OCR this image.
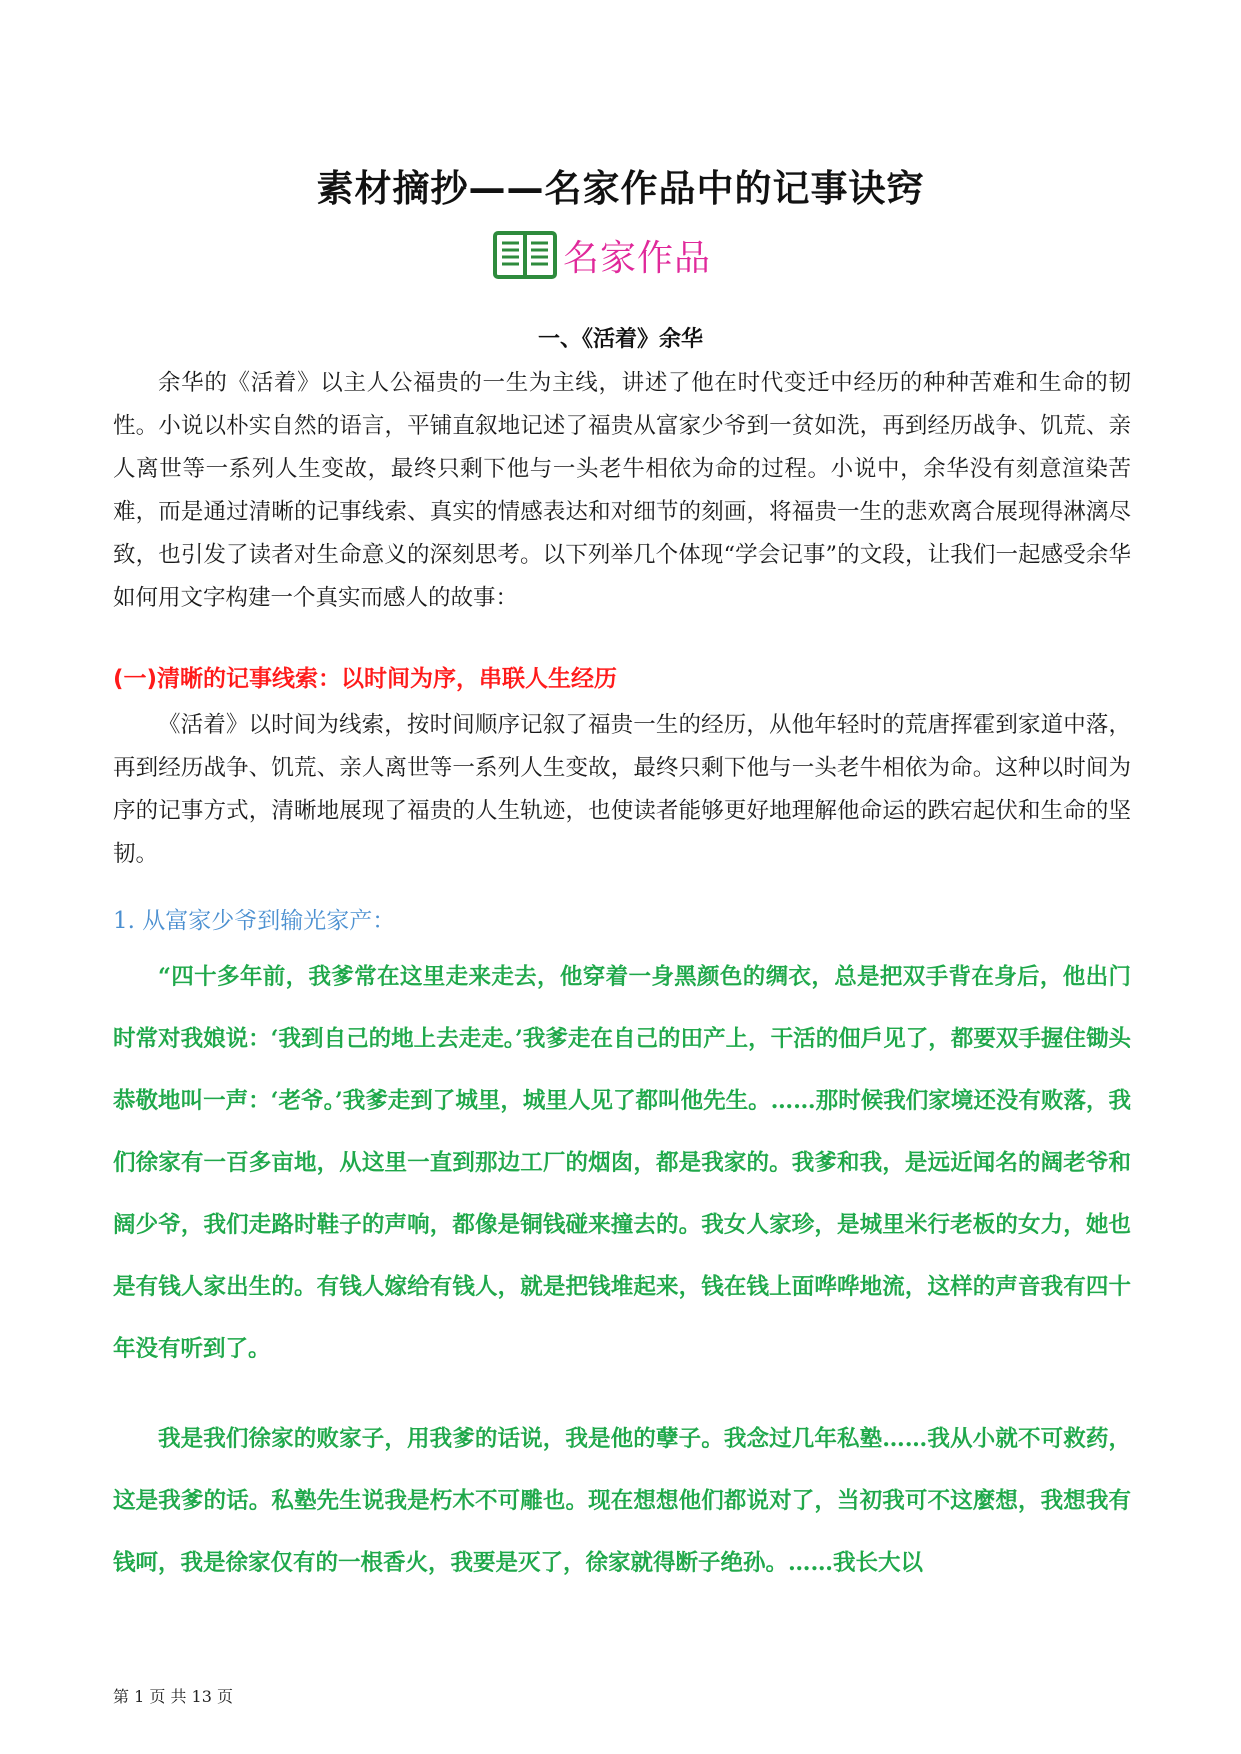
素材摘抄——名家作品中的记事诀窍
名家作品
一、《活着》余华

余华的《活着》以主人公福贵的一生为主线，讲述了他在时代变迁中经历的种种苦难和生命的韧性。小说以朴实自然的语言，平铺直叙地记述了福贵从富家少爷到一贫如洗，再到经历战争、饥荒、亲人离世等一系列人生变故，最终只剩下他与一头老牛相依为命的过程。小说中，余华没有刻意渲染苦难，而是通过清晰的记事线索、真实的情感表达和对细节的刻画，将福贵一生的悲欢离合展现得淋漓尽致，也引发了读者对生命意义的深刻思考。以下列举几个体现“学会记事”的文段，让我们一起感受余华如何用文字构建一个真实而感人的故事：

(一)清晰的记事线索：以时间为序，串联人生经历

《活着》以时间为线索，按时间顺序记叙了福贵一生的经历，从他年轻时的荒唐挥霍到家道中落，再到经历战争、饥荒、亲人离世等一系列人生变故，最终只剩下他与一头老牛相依为命。这种以时间为序的记事方式，清晰地展现了福贵的人生轨迹，也使读者能够更好地理解他命运的跌宕起伏和生命的坚韧。

1. 从富家少爷到输光家产：

“四十多年前，我爹常在这里走来走去，他穿着一身黑颜色的绸衣，总是把双手背在身后，他出门时常对我娘说：‘我到自己的地上去走走。’我爹走在自己的田产上，干活的佃戶见了，都要双手握住锄头恭敬地叫一声：‘老爷。’我爹走到了城里，城里人见了都叫他先生。……那时候我们家境还没有败落，我们徐家有一百多亩地，从这里一直到那边工厂的烟囱，都是我家的。我爹和我，是远近闻名的阔老爷和阔少爷，我们走路时鞋子的声响，都像是铜钱碰来撞去的。我女人家珍，是城里米行老板的女力，她也是有钱人家出生的。有钱人嫁给有钱人，就是把钱堆起来，钱在钱上面哗哗地流，这样的声音我有四十年没有听到了。

我是我们徐家的败家子，用我爹的话说，我是他的孽子。我念过几年私塾……我从小就不可救药，这是我爹的话。私塾先生说我是朽木不可雕也。现在想想他们都说对了，当初我可不这麼想，我想我有钱呵，我是徐家仅有的一根香火，我要是灭了，徐家就得断子绝孙。……我长大以

第 1 页 共 13 页
